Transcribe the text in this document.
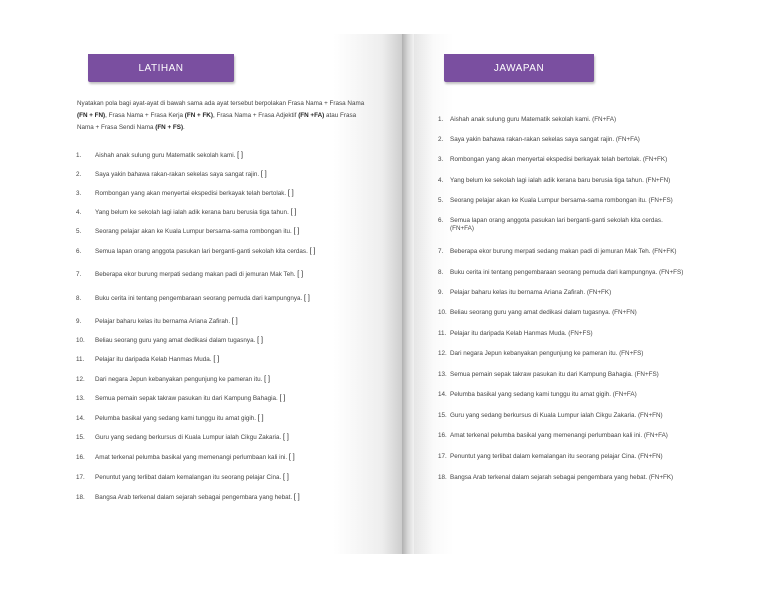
LATIHAN
Nyatakan pola bagi ayat-ayat di bawah sama ada ayat tersebut berpolakan Frasa Nama + Frasa Nama (FN + FN), Frasa Nama + Frasa Kerja (FN + FK), Frasa Nama + Frasa Adjektif (FN +FA) atau Frasa Nama + Frasa Sendi Nama (FN + FS).
1.	Aishah anak sulung guru Matematik sekolah kami. [ ]
2.	Saya yakin bahawa rakan-rakan sekelas saya sangat rajin. [ ]
3.	Rombongan yang akan menyertai ekspedisi berkayak telah bertolak. [ ]
4.	Yang belum ke sekolah lagi ialah adik kerana baru berusia tiga tahun. [ ]
5.	Seorang pelajar akan ke Kuala Lumpur bersama-sama rombongan itu. [ ]
6.	Semua lapan orang anggota pasukan lari berganti-ganti sekolah kita cerdas. [ ]
7.	Beberapa ekor burung merpati sedang makan padi di jemuran Mak Teh. [ ]
8.	Buku cerita ini tentang pengembaraan seorang pemuda dari kampungnya. [ ]
9.	Pelajar baharu kelas itu bernama Ariana Zafirah. [ ]
10.	Beliau seorang guru yang amat dedikasi dalam tugasnya. [ ]
11.	Pelajar itu daripada Kelab Hanmas Muda. [ ]
12.	Dari negara Jepun kebanyakan pengunjung ke pameran itu. [ ]
13.	Semua pemain sepak takraw pasukan itu dari Kampung Bahagia. [ ]
14.	Pelumba basikal yang sedang kami tunggu itu amat gigih. [ ]
15.	Guru yang sedang berkursus di Kuala Lumpur ialah Cikgu Zakaria. [ ]
16.	Amat terkenal pelumba basikal yang memenangi perlumbaan kali ini. [ ]
17.	Penuntut yang terlibat dalam kemalangan itu seorang pelajar Cina. [ ]
18.	Bangsa Arab terkenal dalam sejarah sebagai pengembara yang hebat. [ ]
JAWAPAN
1.	Aishah anak sulung guru Matematik sekolah kami. (FN+FA)
2.	Saya yakin bahawa rakan-rakan sekelas saya sangat rajin. (FN+FA)
3.	Rombongan yang akan menyertai ekspedisi berkayak telah bertolak. (FN+FK)
4.	Yang belum ke sekolah lagi ialah adik kerana baru berusia tiga tahun. (FN+FN)
5.	Seorang pelajar akan ke Kuala Lumpur bersama-sama rombongan itu. (FN+FS)
6.	Semua lapan orang anggota pasukan lari berganti-ganti sekolah kita cerdas. (FN+FA)
7.	Beberapa ekor burung merpati sedang makan padi di jemuran Mak Teh. (FN+FK)
8.	Buku cerita ini tentang pengembaraan seorang pemuda dari kampungnya. (FN+FS)
9.	Pelajar baharu kelas itu bernama Ariana Zafirah. (FN+FK)
10. Beliau seorang guru yang amat dedikasi dalam tugasnya. (FN+FN)
11. Pelajar itu daripada Kelab Hanmas Muda. (FN+FS)
12. Dari negara Jepun kebanyakan pengunjung ke pameran itu. (FN+FS)
13. Semua pemain sepak takraw pasukan itu dari Kampung Bahagia. (FN+FS)
14. Pelumba basikal yang sedang kami tunggu itu amat gigih. (FN+FA)
15. Guru yang sedang berkursus di Kuala Lumpur ialah Cikgu Zakaria. (FN+FN)
16. Amat terkenal pelumba basikal yang memenangi perlumbaan kali ini. (FN+FA)
17. Penuntut yang terlibat dalam kemalangan itu seorang pelajar Cina. (FN+FN)
18. Bangsa Arab terkenal dalam sejarah sebagai pengembara yang hebat. (FN+FK)
